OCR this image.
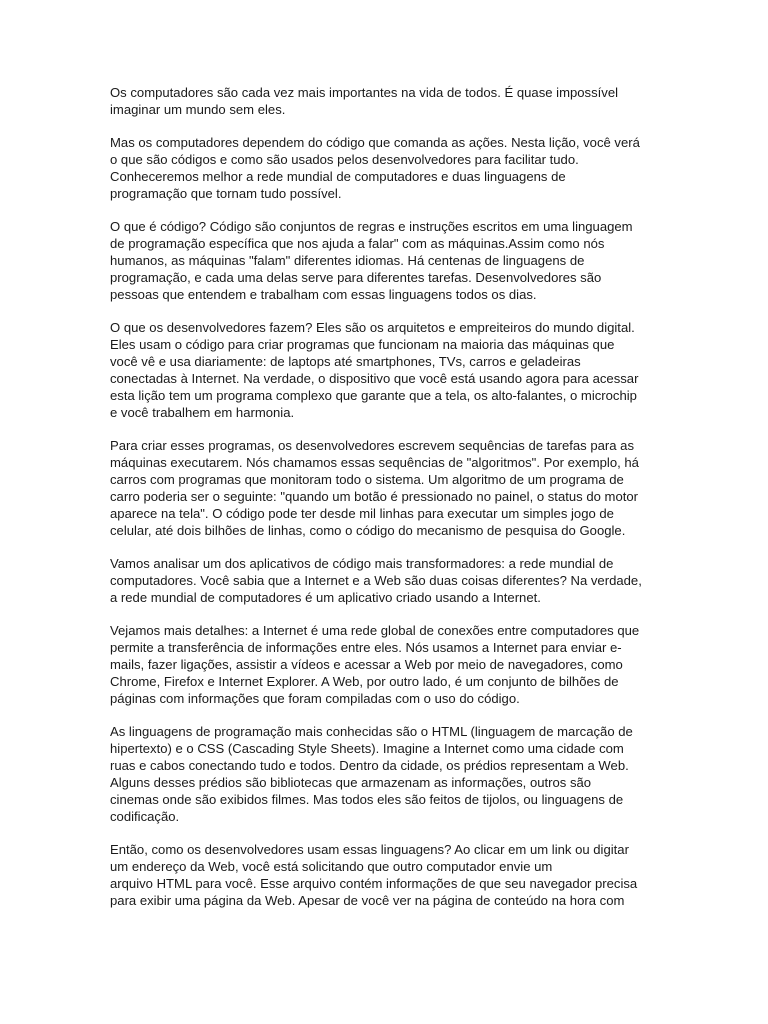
Os computadores são cada vez mais importantes na vida de todos. É quase impossível
imaginar um mundo sem eles.

Mas os computadores dependem do código que comanda as ações. Nesta lição, você verá
o que são códigos e como são usados pelos desenvolvedores para facilitar tudo.
Conheceremos melhor a rede mundial de computadores e duas linguagens de
programação que tornam tudo possível.

O que é código? Código são conjuntos de regras e instruções escritos em uma linguagem
de programação específica que nos ajuda a falar" com as máquinas.Assim como nós
humanos, as máquinas "falam" diferentes idiomas. Há centenas de linguagens de
programação, e cada uma delas serve para diferentes tarefas. Desenvolvedores são
pessoas que entendem e trabalham com essas linguagens todos os dias.

O que os desenvolvedores fazem? Eles são os arquitetos e empreiteiros do mundo digital.
Eles usam o código para criar programas que funcionam na maioria das máquinas que
você vê e usa diariamente: de laptops até smartphones, TVs, carros e geladeiras
conectadas à Internet. Na verdade, o dispositivo que você está usando agora para acessar
esta lição tem um programa complexo que garante que a tela, os alto-falantes, o microchip
e você trabalhem em harmonia.

Para criar esses programas, os desenvolvedores escrevem sequências de tarefas para as
máquinas executarem. Nós chamamos essas sequências de "algoritmos". Por exemplo, há
carros com programas que monitoram todo o sistema. Um algoritmo de um programa de
carro poderia ser o seguinte: "quando um botão é pressionado no painel, o status do motor
aparece na tela". O código pode ter desde mil linhas para executar um simples jogo de
celular, até dois bilhões de linhas, como o código do mecanismo de pesquisa do Google.

Vamos analisar um dos aplicativos de código mais transformadores: a rede mundial de
computadores. Você sabia que a Internet e a Web são duas coisas diferentes? Na verdade,
a rede mundial de computadores é um aplicativo criado usando a Internet.

Vejamos mais detalhes: a Internet é uma rede global de conexões entre computadores que
permite a transferência de informações entre eles. Nós usamos a Internet para enviar e-
mails, fazer ligações, assistir a vídeos e acessar a Web por meio de navegadores, como
Chrome, Firefox e Internet Explorer. A Web, por outro lado, é um conjunto de bilhões de
páginas com informações que foram compiladas com o uso do código.

As linguagens de programação mais conhecidas são o HTML (linguagem de marcação de
hipertexto) e o CSS (Cascading Style Sheets). Imagine a Internet como uma cidade com
ruas e cabos conectando tudo e todos. Dentro da cidade, os prédios representam a Web.
Alguns desses prédios são bibliotecas que armazenam as informações, outros são
cinemas onde são exibidos filmes. Mas todos eles são feitos de tijolos, ou linguagens de
codificação.

Então, como os desenvolvedores usam essas linguagens? Ao clicar em um link ou digitar
um endereço da Web, você está solicitando que outro computador envie um
arquivo HTML para você. Esse arquivo contém informações de que seu navegador precisa
para exibir uma página da Web. Apesar de você ver na página de conteúdo na hora com
